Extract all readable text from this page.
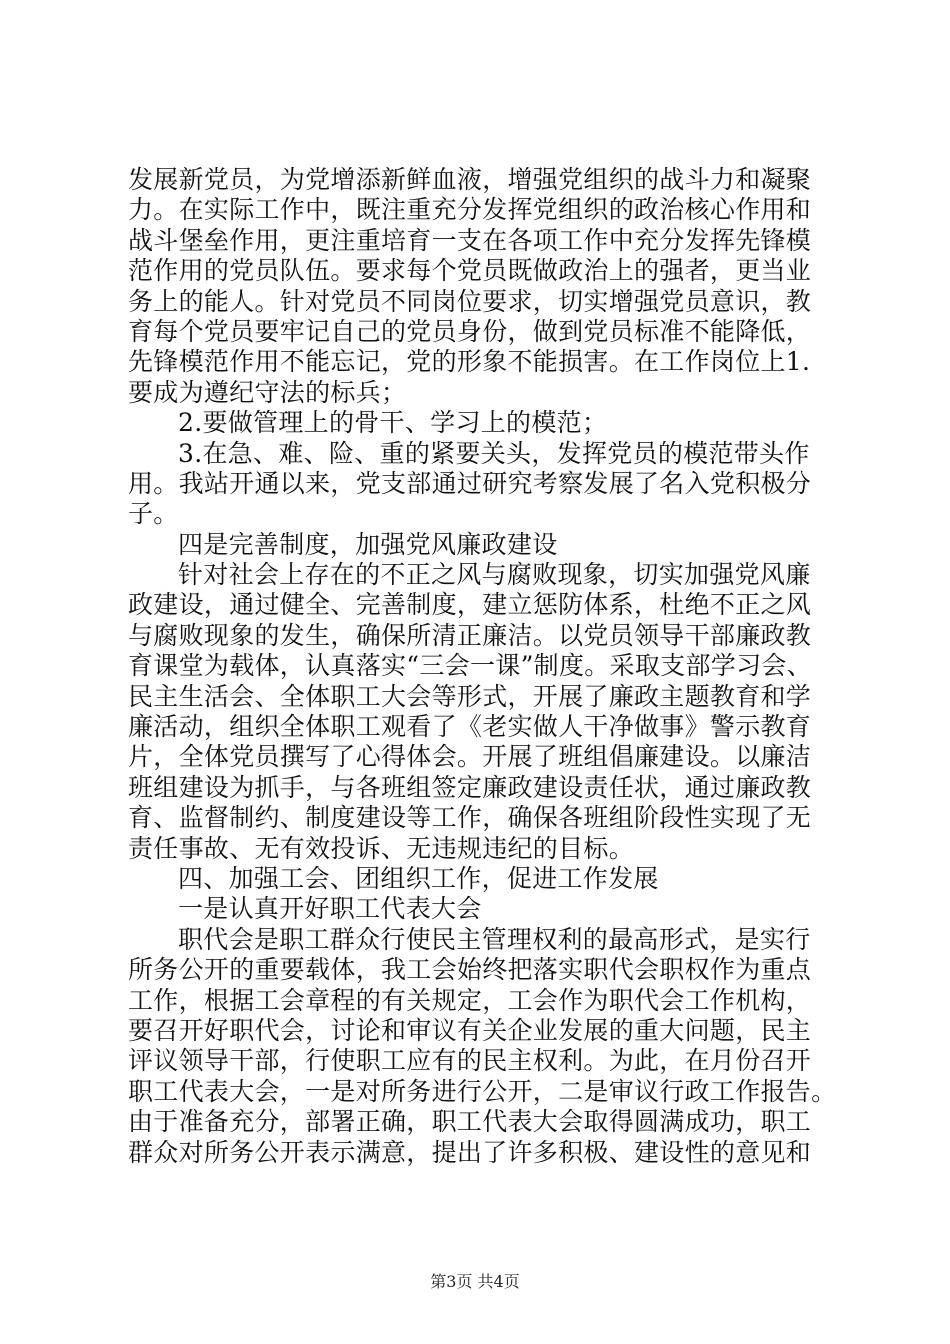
发展新党员，为党增添新鲜血液，增强党组织的战斗力和凝聚
力。在实际工作中，既注重充分发挥党组织的政治核心作用和
战斗堡垒作用，更注重培育一支在各项工作中充分发挥先锋模
范作用的党员队伍。要求每个党员既做政治上的强者，更当业
务上的能人。针对党员不同岗位要求，切实增强党员意识，教
育每个党员要牢记自己的党员身份，做到党员标准不能降低，
先锋模范作用不能忘记，党的形象不能损害。在工作岗位上1.
要成为遵纪守法的标兵；
2.要做管理上的骨干、学习上的模范；
3.在急、难、险、重的紧要关头，发挥党员的模范带头作
用。我站开通以来，党支部通过研究考察发展了名入党积极分
子。
四是完善制度，加强党风廉政建设
针对社会上存在的不正之风与腐败现象，切实加强党风廉
政建设，通过健全、完善制度，建立惩防体系，杜绝不正之风
与腐败现象的发生，确保所清正廉洁。以党员领导干部廉政教
育课堂为载体，认真落实“三会一课”制度。采取支部学习会、
民主生活会、全体职工大会等形式，开展了廉政主题教育和学
廉活动，组织全体职工观看了《老实做人干净做事》警示教育
片，全体党员撰写了心得体会。开展了班组倡廉建设。以廉洁
班组建设为抓手，与各班组签定廉政建设责任状，通过廉政教
育、监督制约、制度建设等工作，确保各班组阶段性实现了无
责任事故、无有效投诉、无违规违纪的目标。
四、加强工会、团组织工作，促进工作发展
一是认真开好职工代表大会
职代会是职工群众行使民主管理权利的最高形式，是实行
所务公开的重要载体，我工会始终把落实职代会职权作为重点
工作，根据工会章程的有关规定，工会作为职代会工作机构，
要召开好职代会，讨论和审议有关企业发展的重大问题，民主
评议领导干部，行使职工应有的民主权利。为此，在月份召开
职工代表大会，一是对所务进行公开，二是审议行政工作报告。
由于准备充分，部署正确，职工代表大会取得圆满成功，职工
群众对所务公开表示满意，提出了许多积极、建设性的意见和
第3页 共4页
